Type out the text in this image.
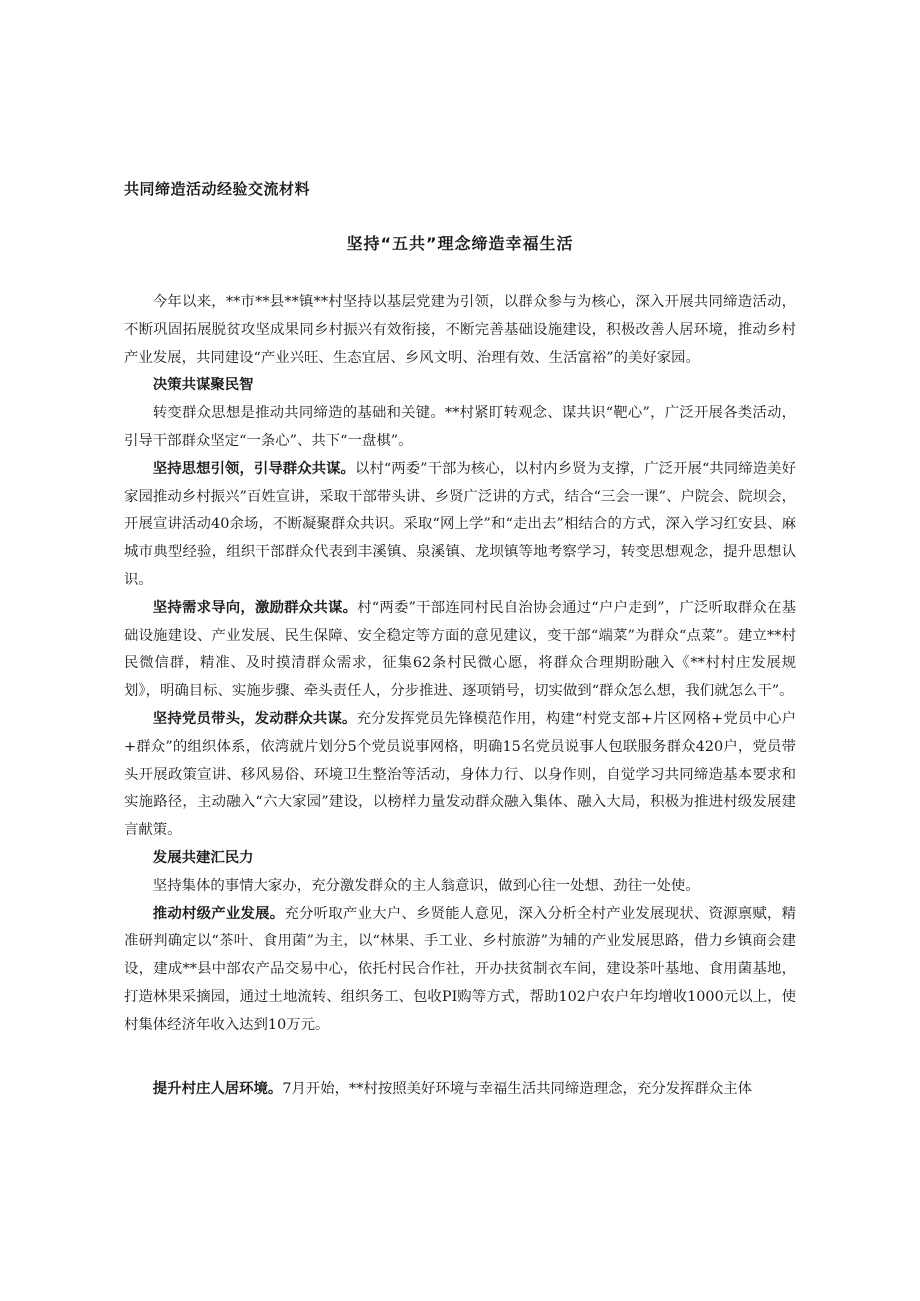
共同缔造活动经验交流材料
坚持“五共”理念缔造幸福生活

今年以来，**市**县**镇**村坚持以基层党建为引领，以群众参与为核心，深入开展共同缔造活动，不断巩固拓展脱贫攻坚成果同乡村振兴有效衔接，不断完善基础设施建设，积极改善人居环境，推动乡村产业发展，共同建设“产业兴旺、生态宜居、乡风文明、治理有效、生活富裕”的美好家园。

决策共谋聚民智

转变群众思想是推动共同缔造的基础和关键。**村紧盯转观念、谋共识“靶心”，广泛开展各类活动，引导干部群众坚定“一条心”、共下“一盘棋”。

坚持思想引领，引导群众共谋。以村“两委”干部为核心，以村内乡贤为支撑，广泛开展“共同缔造美好家园推动乡村振兴”百姓宣讲，采取干部带头讲、乡贤广泛讲的方式，结合“三会一课”、户院会、院坝会，开展宣讲活动40余场，不断凝聚群众共识。采取“网上学”和“走出去”相结合的方式，深入学习红安县、麻城市典型经验，组织干部群众代表到丰溪镇、泉溪镇、龙坝镇等地考察学习，转变思想观念，提升思想认识。

坚持需求导向，激励群众共谋。村“两委”干部连同村民自治协会通过“户户走到”，广泛听取群众在基础设施建设、产业发展、民生保障、安全稳定等方面的意见建议，变干部“端菜”为群众“点菜”。建立**村民微信群，精准、及时摸清群众需求，征集62条村民微心愿，将群众合理期盼融入《**村村庄发展规划》，明确目标、实施步骤、牵头责任人，分步推进、逐项销号，切实做到“群众怎么想，我们就怎么干”。

坚持党员带头，发动群众共谋。充分发挥党员先锋模范作用，构建“村党支部+片区网格+党员中心户+群众”的组织体系，依湾就片划分5个党员说事网格，明确15名党员说事人包联服务群众420户，党员带头开展政策宣讲、移风易俗、环境卫生整治等活动，身体力行、以身作则，自觉学习共同缔造基本要求和实施路径，主动融入“六大家园”建设，以榜样力量发动群众融入集体、融入大局，积极为推进村级发展建言献策。

发展共建汇民力

坚持集体的事情大家办，充分激发群众的主人翁意识，做到心往一处想、劲往一处使。

推动村级产业发展。充分听取产业大户、乡贤能人意见，深入分析全村产业发展现状、资源禀赋，精准研判确定以“茶叶、食用菌”为主，以“林果、手工业、乡村旅游”为辅的产业发展思路，借力乡镇商会建设，建成**县中部农产品交易中心，依托村民合作社，开办扶贫制衣车间，建设茶叶基地、食用菌基地，打造林果采摘园，通过土地流转、组织务工、包收PI购等方式，帮助102户农户年均增收1000元以上，使村集体经济年收入达到10万元。

提升村庄人居环境。7月开始，**村按照美好环境与幸福生活共同缔造理念，充分发挥群众主体
